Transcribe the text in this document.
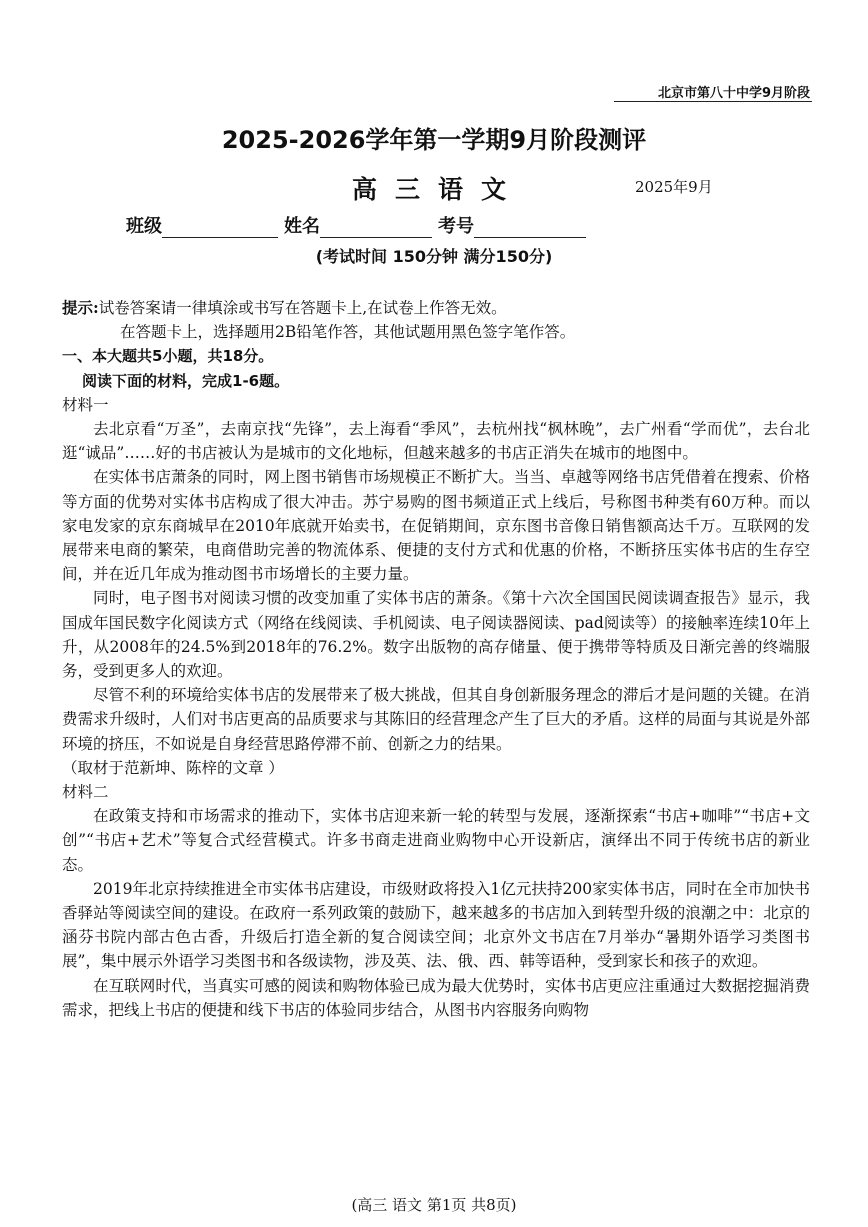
北京市第八十中学9月阶段
2025-2026学年第一学期9月阶段测评
高三语文	2025年9月
班级	姓名	考号
(考试时间 150分钟 满分150分)

提示:试卷答案请一律填涂或书写在答题卡上,在试卷上作答无效。

在答题卡上，选择题用2B铅笔作答，其他试题用黑色签字笔作答。

一、本大题共5小题，共18分。

阅读下面的材料，完成1-6题。

材料一

去北京看“万圣”，去南京找“先锋”，去上海看“季风”，去杭州找“枫林晚”，去广州看“学而优”，去台北逛“诚品”……好的书店被认为是城市的文化地标，但越来越多的书店正消失在城市的地图中。

在实体书店萧条的同时，网上图书销售市场规模正不断扩大。当当、卓越等网络书店凭借着在搜索、价格等方面的优势对实体书店构成了很大冲击。苏宁易购的图书频道正式上线后，号称图书种类有60万种。而以家电发家的京东商城早在2010年底就开始卖书，在促销期间，京东图书音像日销售额高达千万。互联网的发展带来电商的繁荣，电商借助完善的物流体系、便捷的支付方式和优惠的价格，不断挤压实体书店的生存空间，并在近几年成为推动图书市场增长的主要力量。

同时，电子图书对阅读习惯的改变加重了实体书店的萧条。《第十六次全国国民阅读调查报告》显示，我国成年国民数字化阅读方式（网络在线阅读、手机阅读、电子阅读器阅读、pad阅读等）的接触率连续10年上升，从2008年的24.5%到2018年的76.2%。数字出版物的高存储量、便于携带等特质及日渐完善的终端服务，受到更多人的欢迎。

尽管不利的环境给实体书店的发展带来了极大挑战，但其自身创新服务理念的滞后才是问题的关键。在消费需求升级时，人们对书店更高的品质要求与其陈旧的经营理念产生了巨大的矛盾。这样的局面与其说是外部环境的挤压，不如说是自身经营思路停滞不前、创新之力的结果。

（取材于范新坤、陈梓的文章 ）

材料二

在政策支持和市场需求的推动下，实体书店迎来新一轮的转型与发展，逐渐探索“书店+咖啡”“书店+文创”“书店+艺术”等复合式经营模式。许多书商走进商业购物中心开设新店，演绎出不同于传统书店的新业态。

2019年北京持续推进全市实体书店建设，市级财政将投入1亿元扶持200家实体书店，同时在全市加快书香驿站等阅读空间的建设。在政府一系列政策的鼓励下，越来越多的书店加入到转型升级的浪潮之中：北京的涵芬书院内部古色古香，升级后打造全新的复合阅读空间；北京外文书店在7月举办“暑期外语学习类图书展”，集中展示外语学习类图书和各级读物，涉及英、法、俄、西、韩等语种，受到家长和孩子的欢迎。

在互联网时代，当真实可感的阅读和购物体验已成为最大优势时，实体书店更应注重通过大数据挖掘消费需求，把线上书店的便捷和线下书店的体验同步结合，从图书内容服务向购物

(高三 语文 第1页 共8页)
